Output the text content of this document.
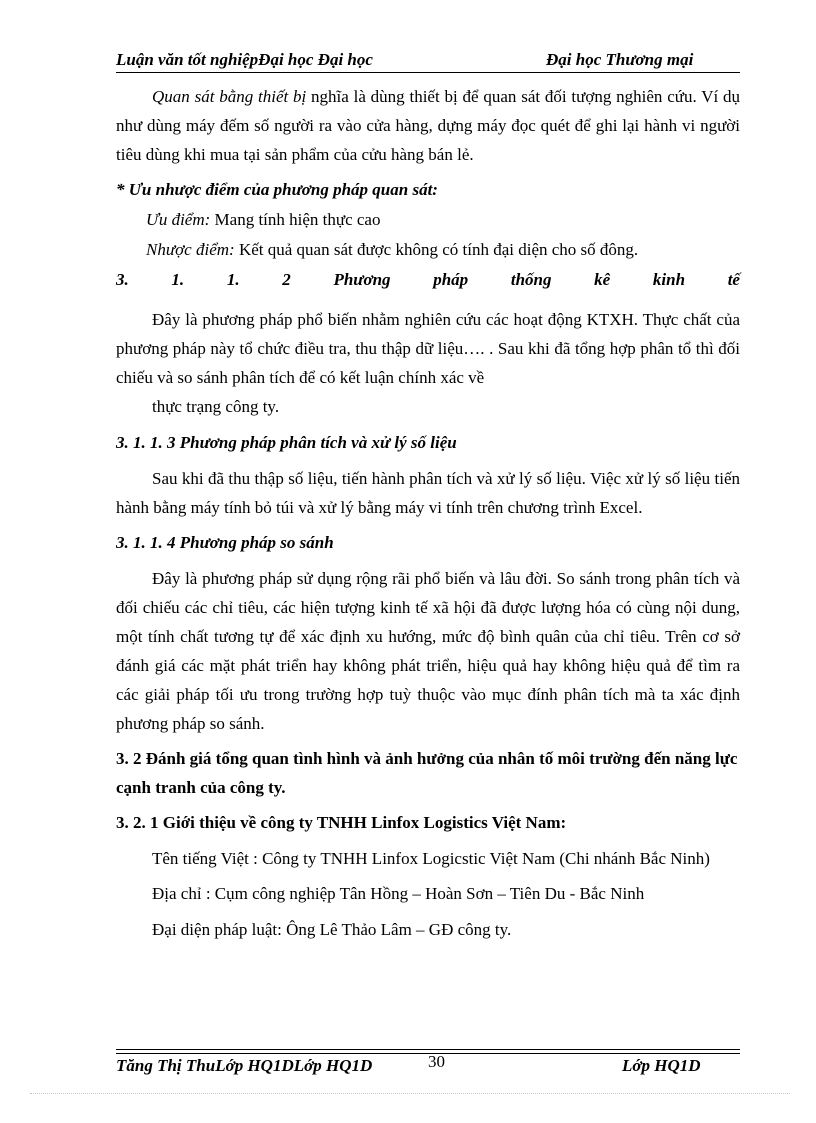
Luận văn tốt nghiệpĐại học Đại học	Đại học Thương mại

Quan sát bằng thiết bị nghĩa là dùng thiết bị để quan sát đối tượng nghiên cứu. Ví dụ như dùng máy đếm số người ra vào cửa hàng, dựng máy đọc quét để ghi lại hành vi người tiêu dùng khi mua tại sản phẩm của cửu hàng bán lẻ.

* Ưu nhược điểm của phương pháp quan sát:

Ưu điểm: Mang tính hiện thực cao

Nhược điểm: Kết quả quan sát được không có tính đại diện cho số đông.

3.	1.	1.	2	Phương	pháp	thống	kê	kinh	tế

Đây là phương pháp phổ biến nhằm nghiên cứu các hoạt động KTXH. Thực chất của phương pháp này tổ chức điều tra, thu thập dữ liệu…. . Sau khi đã tổng hợp phân tổ thì đối chiếu và so sánh phân tích để có kết luận chính xác về

thực trạng công ty.

3. 1. 1. 3 Phương pháp phân tích và xử lý số liệu

Sau khi đã thu thập số liệu, tiến hành phân tích và xử lý số liệu. Việc xử lý số liệu tiến hành bằng máy tính bỏ túi và xử lý bằng máy vi tính trên chương trình Excel.

3. 1. 1. 4 Phương pháp so sánh

Đây là phương pháp sử dụng rộng rãi phổ biến và lâu đời. So sánh trong phân tích và đối chiếu các chỉ tiêu, các hiện tượng kinh tế xã hội đã được lượng hóa có cùng nội dung, một tính chất tương tự để xác định xu hướng, mức độ bình quân của chỉ tiêu. Trên cơ sở đánh giá các mặt phát triển hay không phát triển, hiệu quả hay không hiệu quả để tìm ra các giải pháp tối ưu trong trường hợp tuỳ thuộc vào mục đính phân tích mà ta xác định phương pháp so sánh.

3. 2 Đánh giá tổng quan tình hình và ảnh hưởng của nhân tố môi trường đến năng lực cạnh tranh của công ty.

3. 2. 1 Giới thiệu về công ty TNHH Linfox Logistics Việt Nam:

Tên tiếng Việt : Công ty TNHH Linfox Logicstic Việt Nam (Chi nhánh Bắc Ninh)

Địa chỉ : Cụm công nghiệp Tân Hồng – Hoàn Sơn – Tiên Du - Bắc Ninh

Đại diện pháp luật: Ông Lê Thảo Lâm – GĐ công ty.

Tăng Thị ThuLớp HQ1DLớp HQ1D	30	Lớp HQ1D
